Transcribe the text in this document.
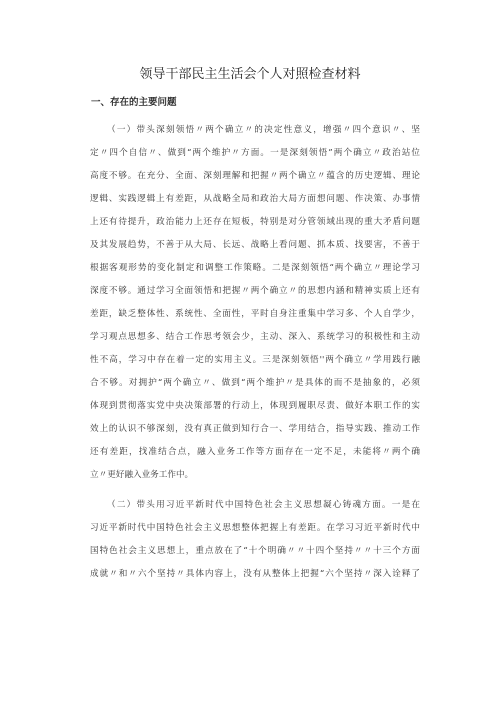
领导干部民主生活会个人对照检查材料
一、存在的主要问题
（一）带头深刻领悟〃两个确立〃的决定性意义，增强〃四个意识〃、坚
定〃四个自信〃、做到“两个维护〃方面。一是深刻领悟”两个确立〃政治站位
高度不够。在充分、全面、深刻理解和把握〃两个确立〃蕴含的历史逻辑、理论
逻辑、实践逻辑上有差距，从战略全局和政治大局方面想问题、作决策、办事情
上还有待提升，政治能力上还存在短板，特别是对分管领域出现的重大矛盾问题
及其发展趋势，不善于从大局、长远、战略上看问题、抓本质、找要害，不善于
根据客观形势的变化制定和调整工作策略。二是深刻领悟“两个确立〃理论学习
深度不够。通过学习全面领悟和把握〃两个确立〃的思想内涵和精神实质上还有
差距，缺乏整体性、系统性、全面性，平时自身注重集中学习多、个人自学少，
学习观点思想多、结合工作思考领会少，主动、深入、系统学习的积极性和主动
性不高，学习中存在着一定的实用主义。三是深刻领悟''两个确立〃学用践行融
合不够。对拥护“两个确立〃、做到“两个维护〃是具体的而不是抽象的，必须
体现到贯彻落实党中央决策部署的行动上，体现到履职尽责、做好本职工作的实
效上的认识不够深刻，没有真正做到知行合一、学用结合，指导实践、推动工作
还有差距，找准结合点，融入业务工作等方面存在一定不足，未能将〃两个确
立〃更好融入业务工作中。
（二）带头用习近平新时代中国特色社会主义思想凝心铸魂方面。一是在
习近平新时代中国特色社会主义思想整体把握上有差距。在学习习近平新时代中
国特色社会主义思想上，重点放在了“十个明确〃〃十四个坚持〃〃十三个方面
成就〃和〃六个坚持〃具体内容上，没有从整体上把握“六个坚持〃深入诠释了
